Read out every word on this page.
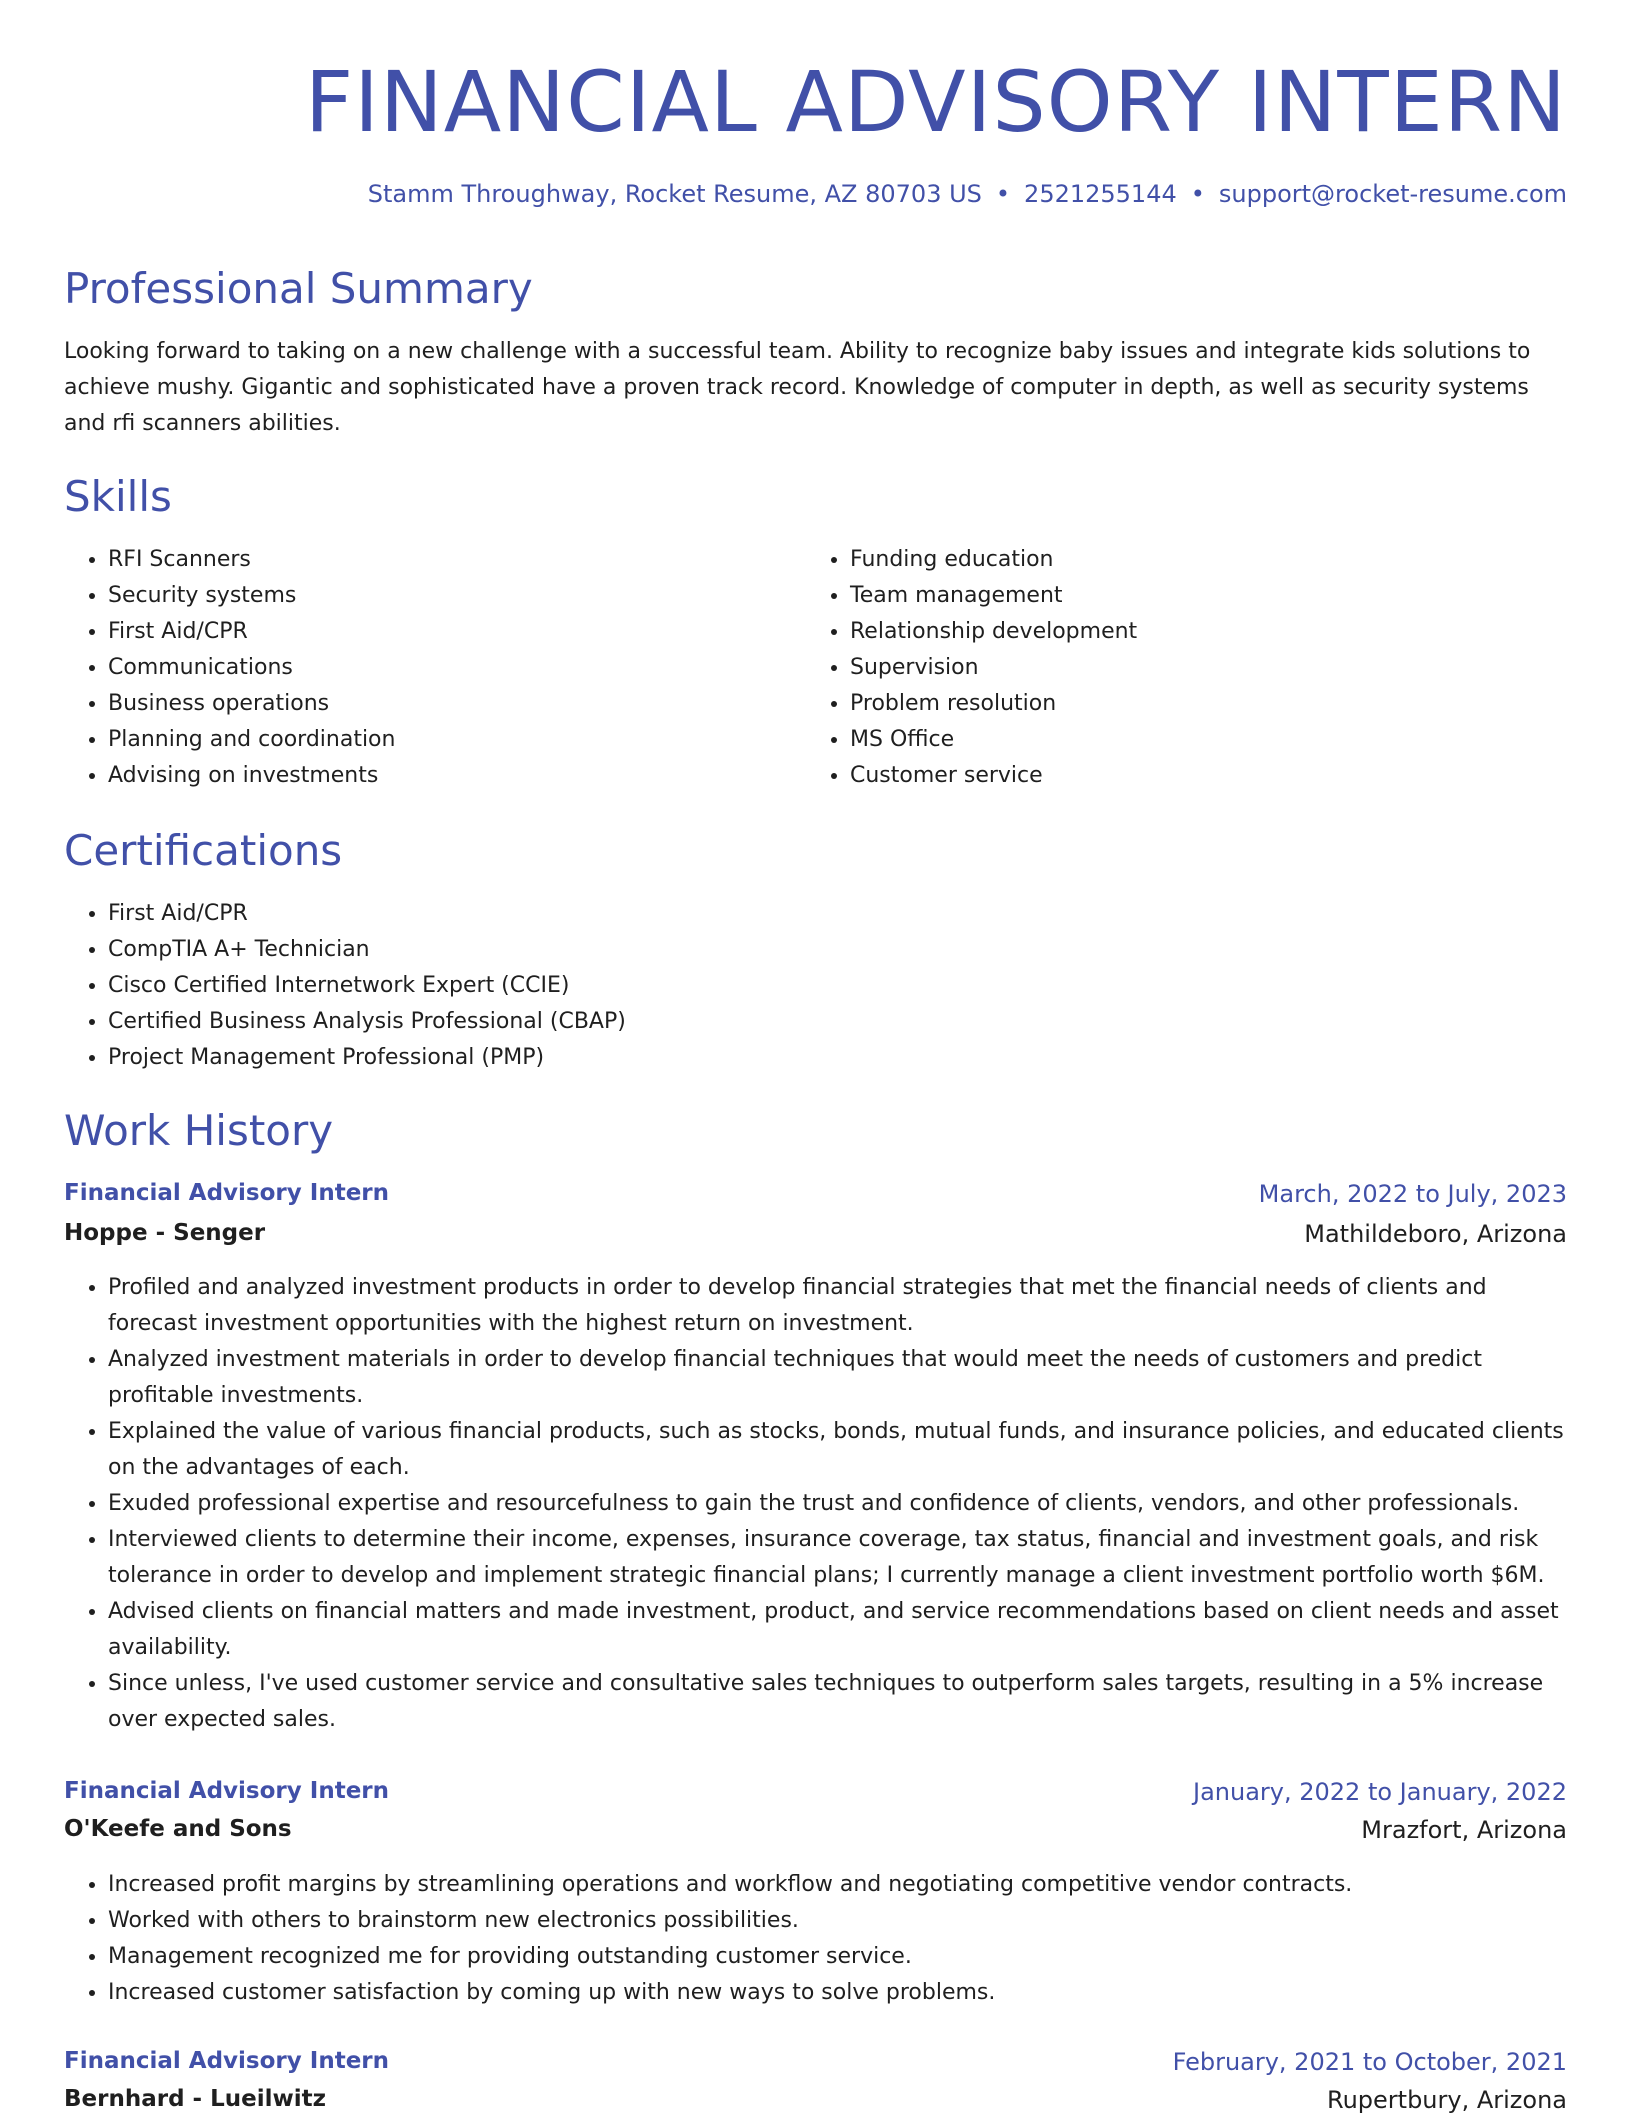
FINANCIAL ADVISORY INTERN
Stamm Throughway, Rocket Resume, AZ 80703 US • 2521255144 • support@rocket-resume.com
Professional Summary

Looking forward to taking on a new challenge with a successful team. Ability to recognize baby issues and integrate kids solutions to achieve mushy. Gigantic and sophisticated have a proven track record. Knowledge of computer in depth, as well as security systems and rfi scanners abilities.

Skills
• RFI Scanners
• Security systems
• First Aid/CPR
• Communications
• Business operations
• Planning and coordination
• Advising on investments
• Funding education
• Team management
• Relationship development
• Supervision
• Problem resolution
• MS Office
• Customer service
Certifications
• First Aid/CPR
• CompTIA A+ Technician
• Cisco Certified Internetwork Expert (CCIE)
• Certified Business Analysis Professional (CBAP)
• Project Management Professional (PMP)
Work History
Financial Advisory Intern	March, 2022 to July, 2023
Hoppe - Senger	Mathildeboro, Arizona
• Profiled and analyzed investment products in order to develop financial strategies that met the financial needs of clients and forecast investment opportunities with the highest return on investment.
• Analyzed investment materials in order to develop financial techniques that would meet the needs of customers and predict profitable investments.
• Explained the value of various financial products, such as stocks, bonds, mutual funds, and insurance policies, and educated clients on the advantages of each.
• Exuded professional expertise and resourcefulness to gain the trust and confidence of clients, vendors, and other professionals.
• Interviewed clients to determine their income, expenses, insurance coverage, tax status, financial and investment goals, and risk tolerance in order to develop and implement strategic financial plans; I currently manage a client investment portfolio worth $6M.
• Advised clients on financial matters and made investment, product, and service recommendations based on client needs and asset availability.
• Since unless, I've used customer service and consultative sales techniques to outperform sales targets, resulting in a 5% increase over expected sales.
Financial Advisory Intern	January, 2022 to January, 2022
O'Keefe and Sons	Mrazfort, Arizona
• Increased profit margins by streamlining operations and workflow and negotiating competitive vendor contracts.
• Worked with others to brainstorm new electronics possibilities.
• Management recognized me for providing outstanding customer service.
• Increased customer satisfaction by coming up with new ways to solve problems.
Financial Advisory Intern	February, 2021 to October, 2021
Bernhard - Lueilwitz	Rupertbury, Arizona
